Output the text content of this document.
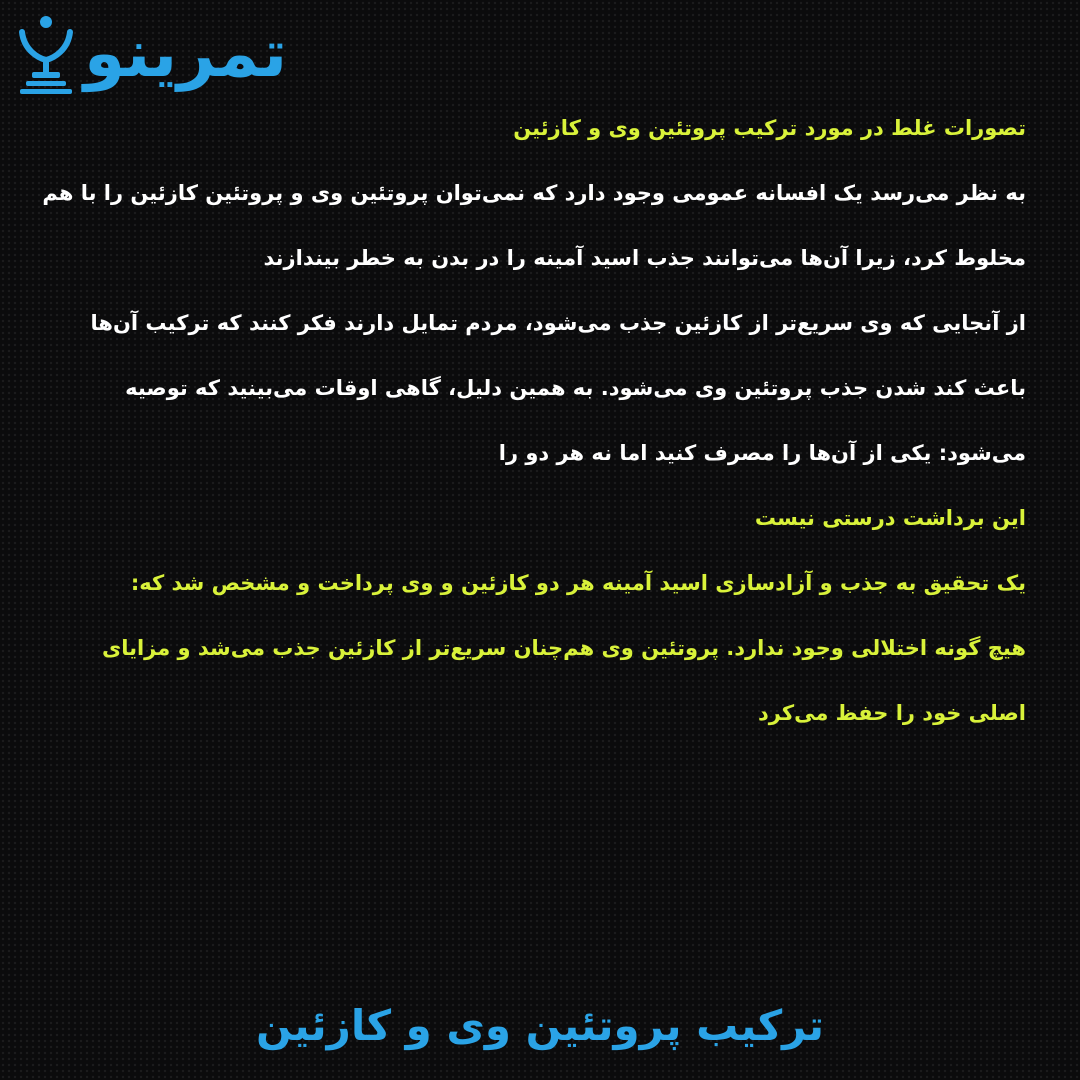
تمرینو
تصورات غلط در مورد ترکیب پروتئین وی و کازئین
به نظر می‌رسد یک افسانه عمومی وجود دارد که نمی‌توان پروتئین وی و پروتئین کازئین را با هم
مخلوط کرد، زیرا آن‌ها می‌توانند جذب اسید آمینه را در بدن به خطر بیندازند
از آنجایی که وی سریع‌تر از کازئین جذب می‌شود، مردم تمایل دارند فکر کنند که ترکیب آن‌ها
باعث کند شدن جذب پروتئین وی می‌شود. به همین دلیل، گاهی اوقات می‌بینید که توصیه
می‌شود: یکی از آن‌ها را مصرف کنید اما نه هر دو را
این برداشت درستی نیست
یک تحقیق به جذب و آزادسازی اسید آمینه هر دو کازئین و وی پرداخت و مشخص شد که:
هیچ گونه اختلالی وجود ندارد. پروتئین وی هم‌چنان سریع‌تر از کازئین جذب می‌شد و مزایای
اصلی خود را حفظ می‌کرد
ترکیب پروتئین وی و کازئین
